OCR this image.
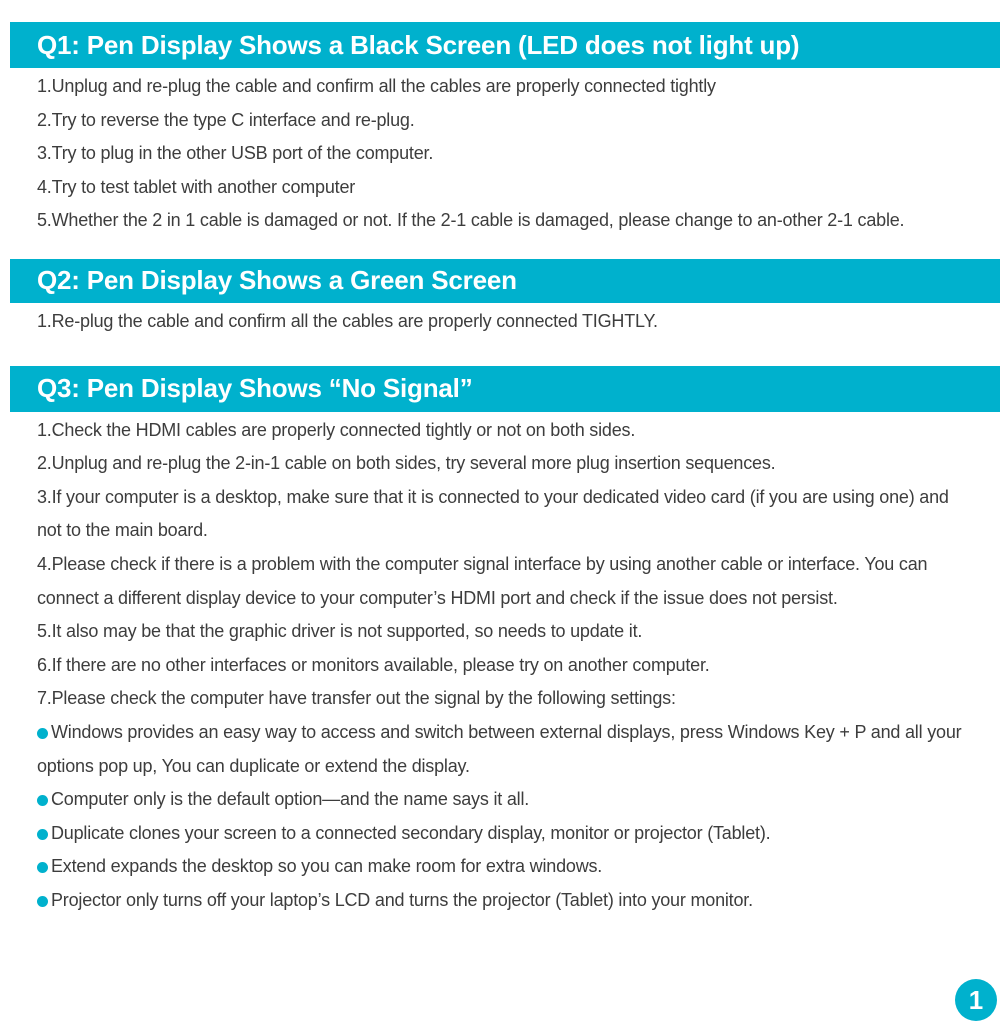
Q1: Pen Display Shows a Black Screen (LED does not light up)

1.Unplug and re-plug the cable and confirm all the cables are properly connected tightly

2.Try to reverse the type C interface and re-plug.

3.Try to plug in the other USB port of the computer.

4.Try to test tablet with another computer

5.Whether the 2 in 1 cable is damaged or not. If the 2-1 cable is damaged, please change to an-other 2-1 cable.

Q2: Pen Display Shows a Green Screen

1.Re-plug the cable and confirm all the cables are properly connected TIGHTLY.

Q3: Pen Display Shows “No Signal”

1.Check the HDMI cables are properly connected tightly or not on both sides.

2.Unplug and re-plug the 2-in-1 cable on both sides, try several more plug insertion sequences.

3.If your computer is a desktop, make sure that it is connected to your dedicated video card (if you are using one) and not to the main board.

4.Please check if there is a problem with the computer signal interface by using another cable or interface. You can connect a different display device to your computer’s HDMI port and check if the issue does not persist.

5.It also may be that the graphic driver is not supported, so needs to update it.

6.If there are no other interfaces or monitors available, please try on another computer.

7.Please check the computer have transfer out the signal by the following settings:

Windows provides an easy way to access and switch between external displays, press Windows Key + P and all your options pop up, You can duplicate or extend the display.

Computer only is the default option—and the name says it all.

Duplicate clones your screen to a connected secondary display, monitor or projector (Tablet).

Extend expands the desktop so you can make room for extra windows.

Projector only turns off your laptop’s LCD and turns the projector (Tablet) into your monitor.

1
